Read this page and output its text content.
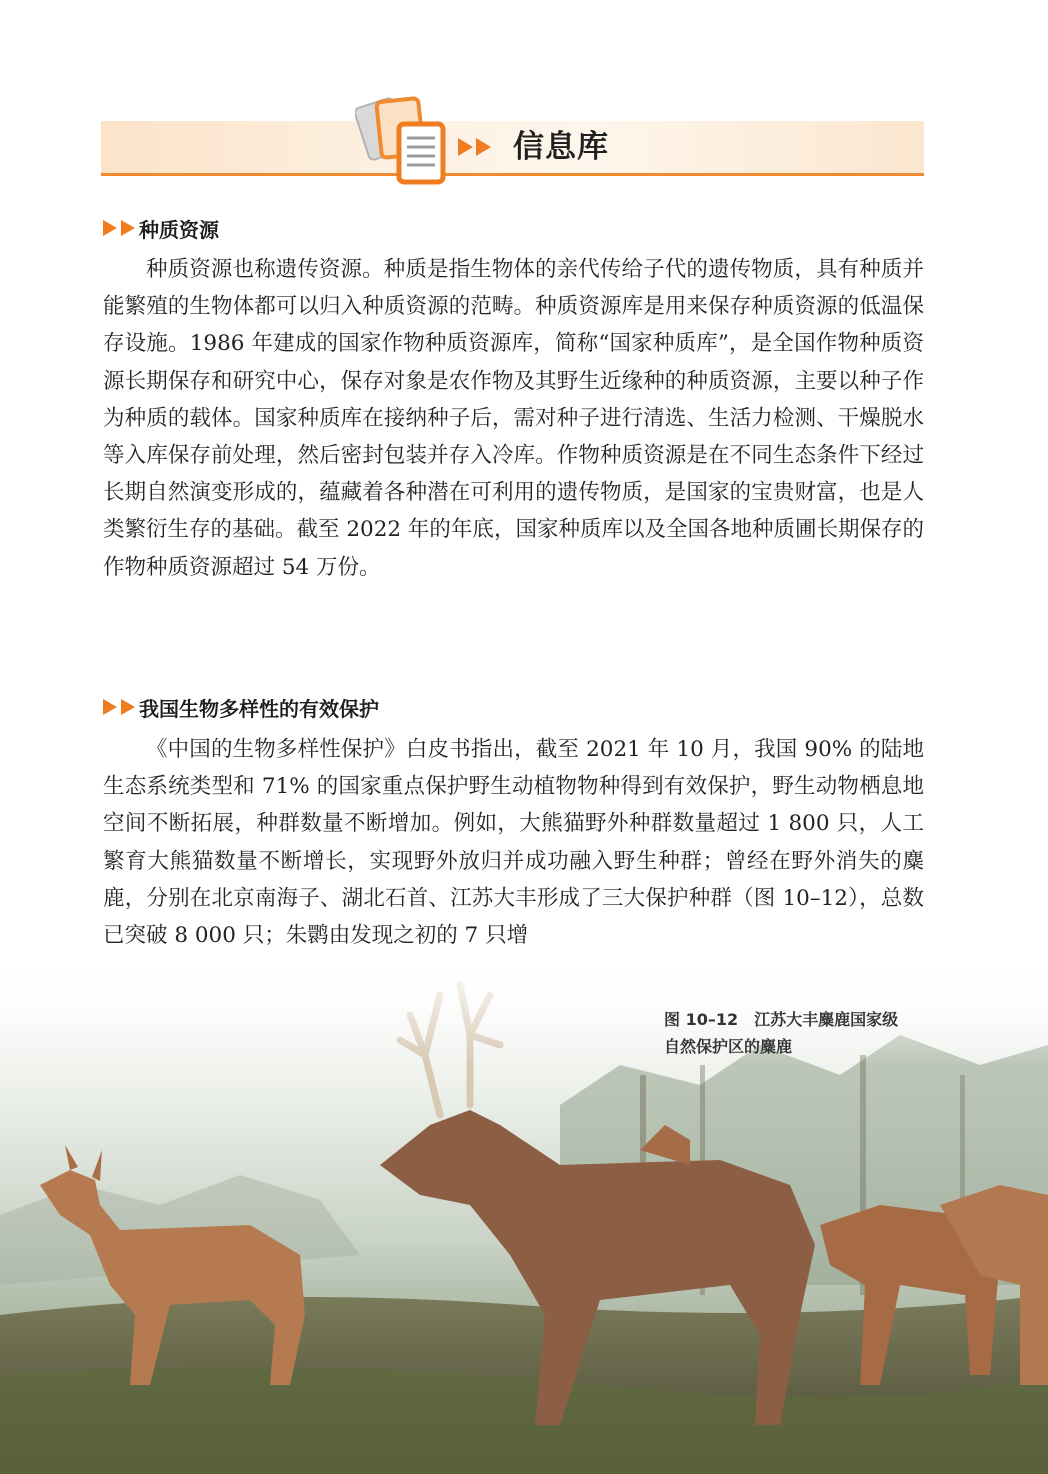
信息库
种质资源

种质资源也称遗传资源。种质是指生物体的亲代传给子代的遗传物质，具有种质并能繁殖的生物体都可以归入种质资源的范畴。种质资源库是用来保存种质资源的低温保存设施。1986 年建成的国家作物种质资源库，简称“国家种质库”，是全国作物种质资源长期保存和研究中心，保存对象是农作物及其野生近缘种的种质资源，主要以种子作为种质的载体。国家种质库在接纳种子后，需对种子进行清选、生活力检测、干燥脱水等入库保存前处理，然后密封包装并存入冷库。作物种质资源是在不同生态条件下经过长期自然演变形成的，蕴藏着各种潜在可利用的遗传物质，是国家的宝贵财富，也是人类繁衍生存的基础。截至 2022 年的年底，国家种质库以及全国各地种质圃长期保存的作物种质资源超过 54 万份。

我国生物多样性的有效保护

《中国的生物多样性保护》白皮书指出，截至 2021 年 10 月，我国 90% 的陆地生态系统类型和 71% 的国家重点保护野生动植物物种得到有效保护，野生动物栖息地空间不断拓展，种群数量不断增加。例如，大熊猫野外种群数量超过 1 800 只，人工繁育大熊猫数量不断增长，实现野外放归并成功融入野生种群；曾经在野外消失的麋鹿，分别在北京南海子、湖北石首、江苏大丰形成了三大保护种群（图 10–12），总数已突破 8 000 只；朱鹮由发现之初的 7 只增

图 10–12　江苏大丰麋鹿国家级
自然保护区的麋鹿
